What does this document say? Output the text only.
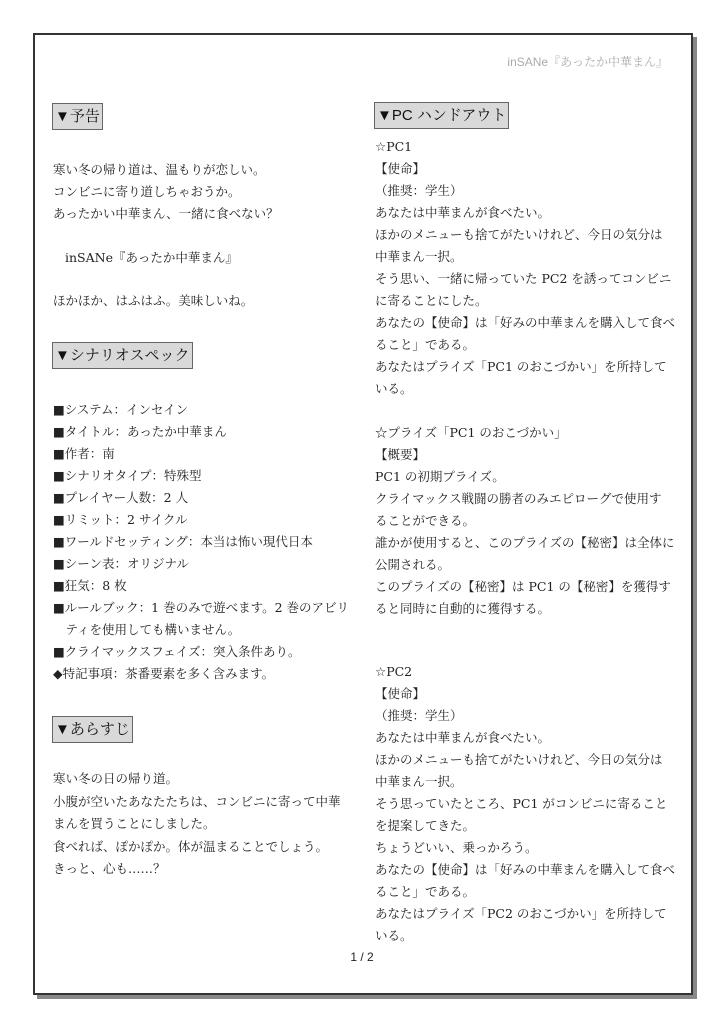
inSANe『あったか中華まん』
▼予告
寒い冬の帰り道は、温もりが恋しい。
コンビニに寄り道しちゃおうか。
あったかい中華まん、一緒に食べない？
inSANe『あったか中華まん』
ほかほか、はふはふ。美味しいね。
▼シナリオスペック
■システム：インセイン
■タイトル：あったか中華まん
■作者：南
■シナリオタイプ：特殊型
■プレイヤー人数：2 人
■リミット：2 サイクル
■ワールドセッティング：本当は怖い現代日本
■シーン表：オリジナル
■狂気：8 枚
■ルールブック：1 巻のみで遊べます。2 巻のアビリ
　ティを使用しても構いません。
■クライマックスフェイズ：突入条件あり。
◆特記事項：茶番要素を多く含みます。
▼あらすじ
寒い冬の日の帰り道。
小腹が空いたあなたたちは、コンビニに寄って中華
まんを買うことにしました。
食べれば、ぽかぽか。体が温まることでしょう。
きっと、心も……？
▼PC ハンドアウト
☆PC1
【使命】
（推奨：学生）
あなたは中華まんが食べたい。
ほかのメニューも捨てがたいけれど、今日の気分は
中華まん一択。
そう思い、一緒に帰っていた PC2 を誘ってコンビニ
に寄ることにした。
あなたの【使命】は「好みの中華まんを購入して食べ
ること」である。
あなたはプライズ「PC1 のおこづかい」を所持して
いる。
☆プライズ「PC1 のおこづかい」
【概要】
PC1 の初期プライズ。
クライマックス戦闘の勝者のみエピローグで使用す
ることができる。
誰かが使用すると、このプライズの【秘密】は全体に
公開される。
このプライズの【秘密】は PC1 の【秘密】を獲得す
ると同時に自動的に獲得する。
☆PC2
【使命】
（推奨：学生）
あなたは中華まんが食べたい。
ほかのメニューも捨てがたいけれど、今日の気分は
中華まん一択。
そう思っていたところ、PC1 がコンビニに寄ること
を提案してきた。
ちょうどいい、乗っかろう。
あなたの【使命】は「好みの中華まんを購入して食べ
ること」である。
あなたはプライズ「PC2 のおこづかい」を所持して
いる。
1 / 2
